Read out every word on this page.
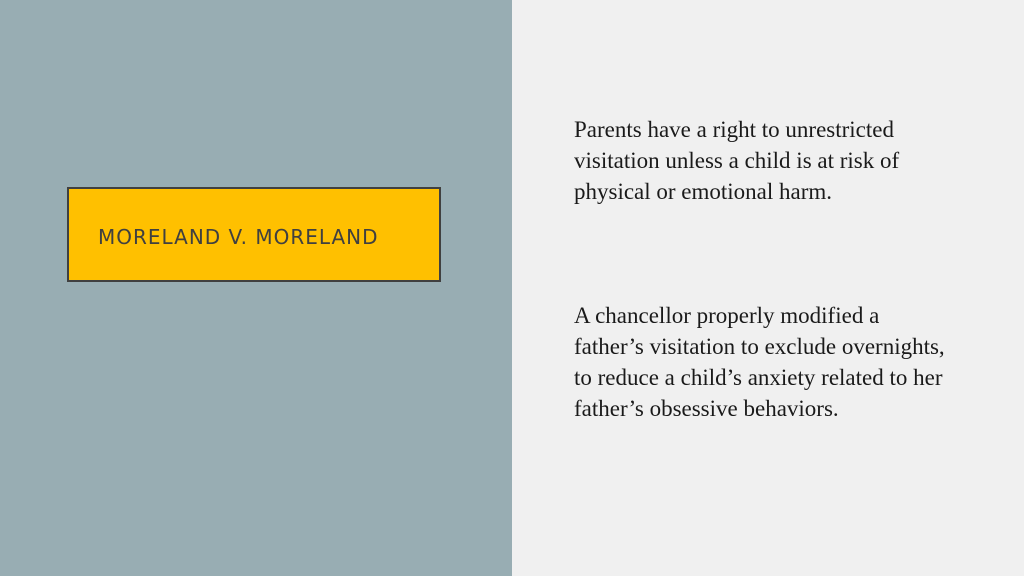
MORELAND V. MORELAND
Parents have a right to unrestricted visitation unless a child is at risk of physical or emotional harm.
A chancellor properly modified a father’s visitation to exclude overnights, to reduce a child’s anxiety related to her father’s obsessive behaviors.
